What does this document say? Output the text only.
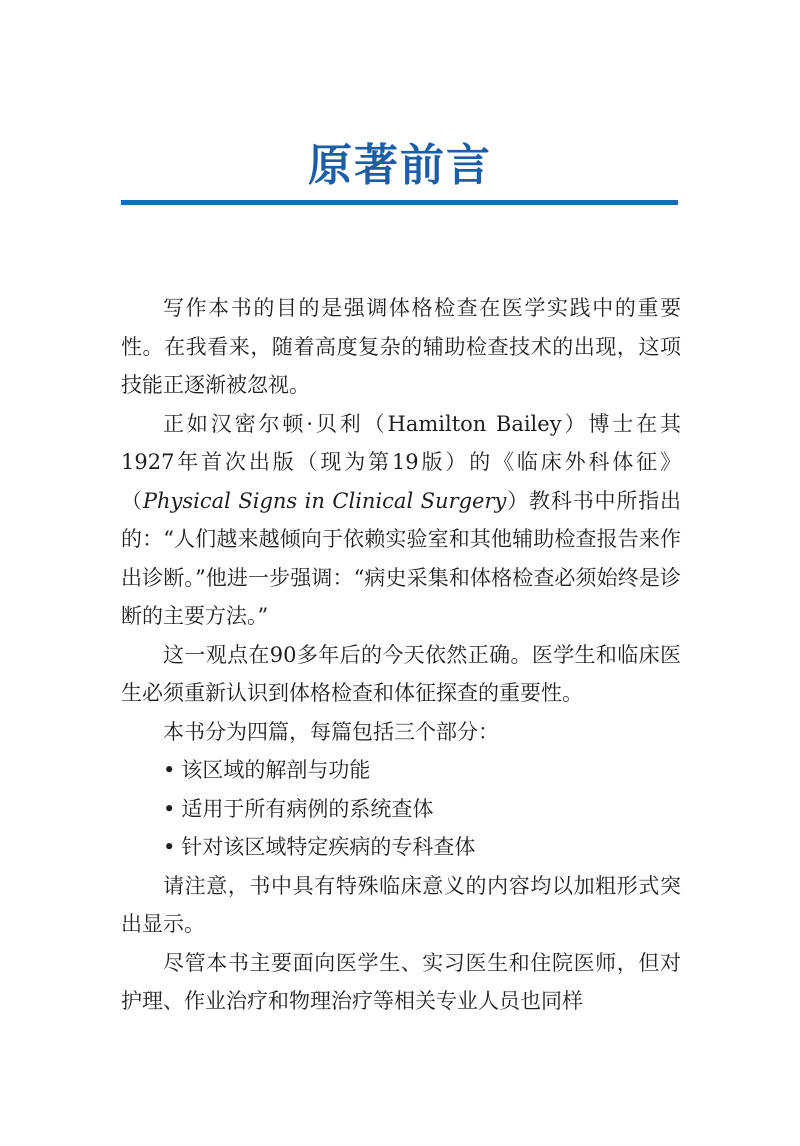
原著前言

写作本书的目的是强调体格检查在医学实践中的重要性。在我看来，随着高度复杂的辅助检查技术的出现，这项技能正逐渐被忽视。

正如汉密尔顿·贝利（Hamilton Bailey）博士在其1927年首次出版（现为第19版）的《临床外科体征》（Physical Signs in Clinical Surgery）教科书中所指出的：“人们越来越倾向于依赖实验室和其他辅助检查报告来作出诊断。”他进一步强调：“病史采集和体格检查必须始终是诊断的主要方法。”

这一观点在90多年后的今天依然正确。医学生和临床医生必须重新认识到体格检查和体征探查的重要性。

本书分为四篇，每篇包括三个部分：

• 该区域的解剖与功能

• 适用于所有病例的系统查体

• 针对该区域特定疾病的专科查体

请注意，书中具有特殊临床意义的内容均以加粗形式突出显示。

尽管本书主要面向医学生、实习医生和住院医师，但对护理、作业治疗和物理治疗等相关专业人员也同样
